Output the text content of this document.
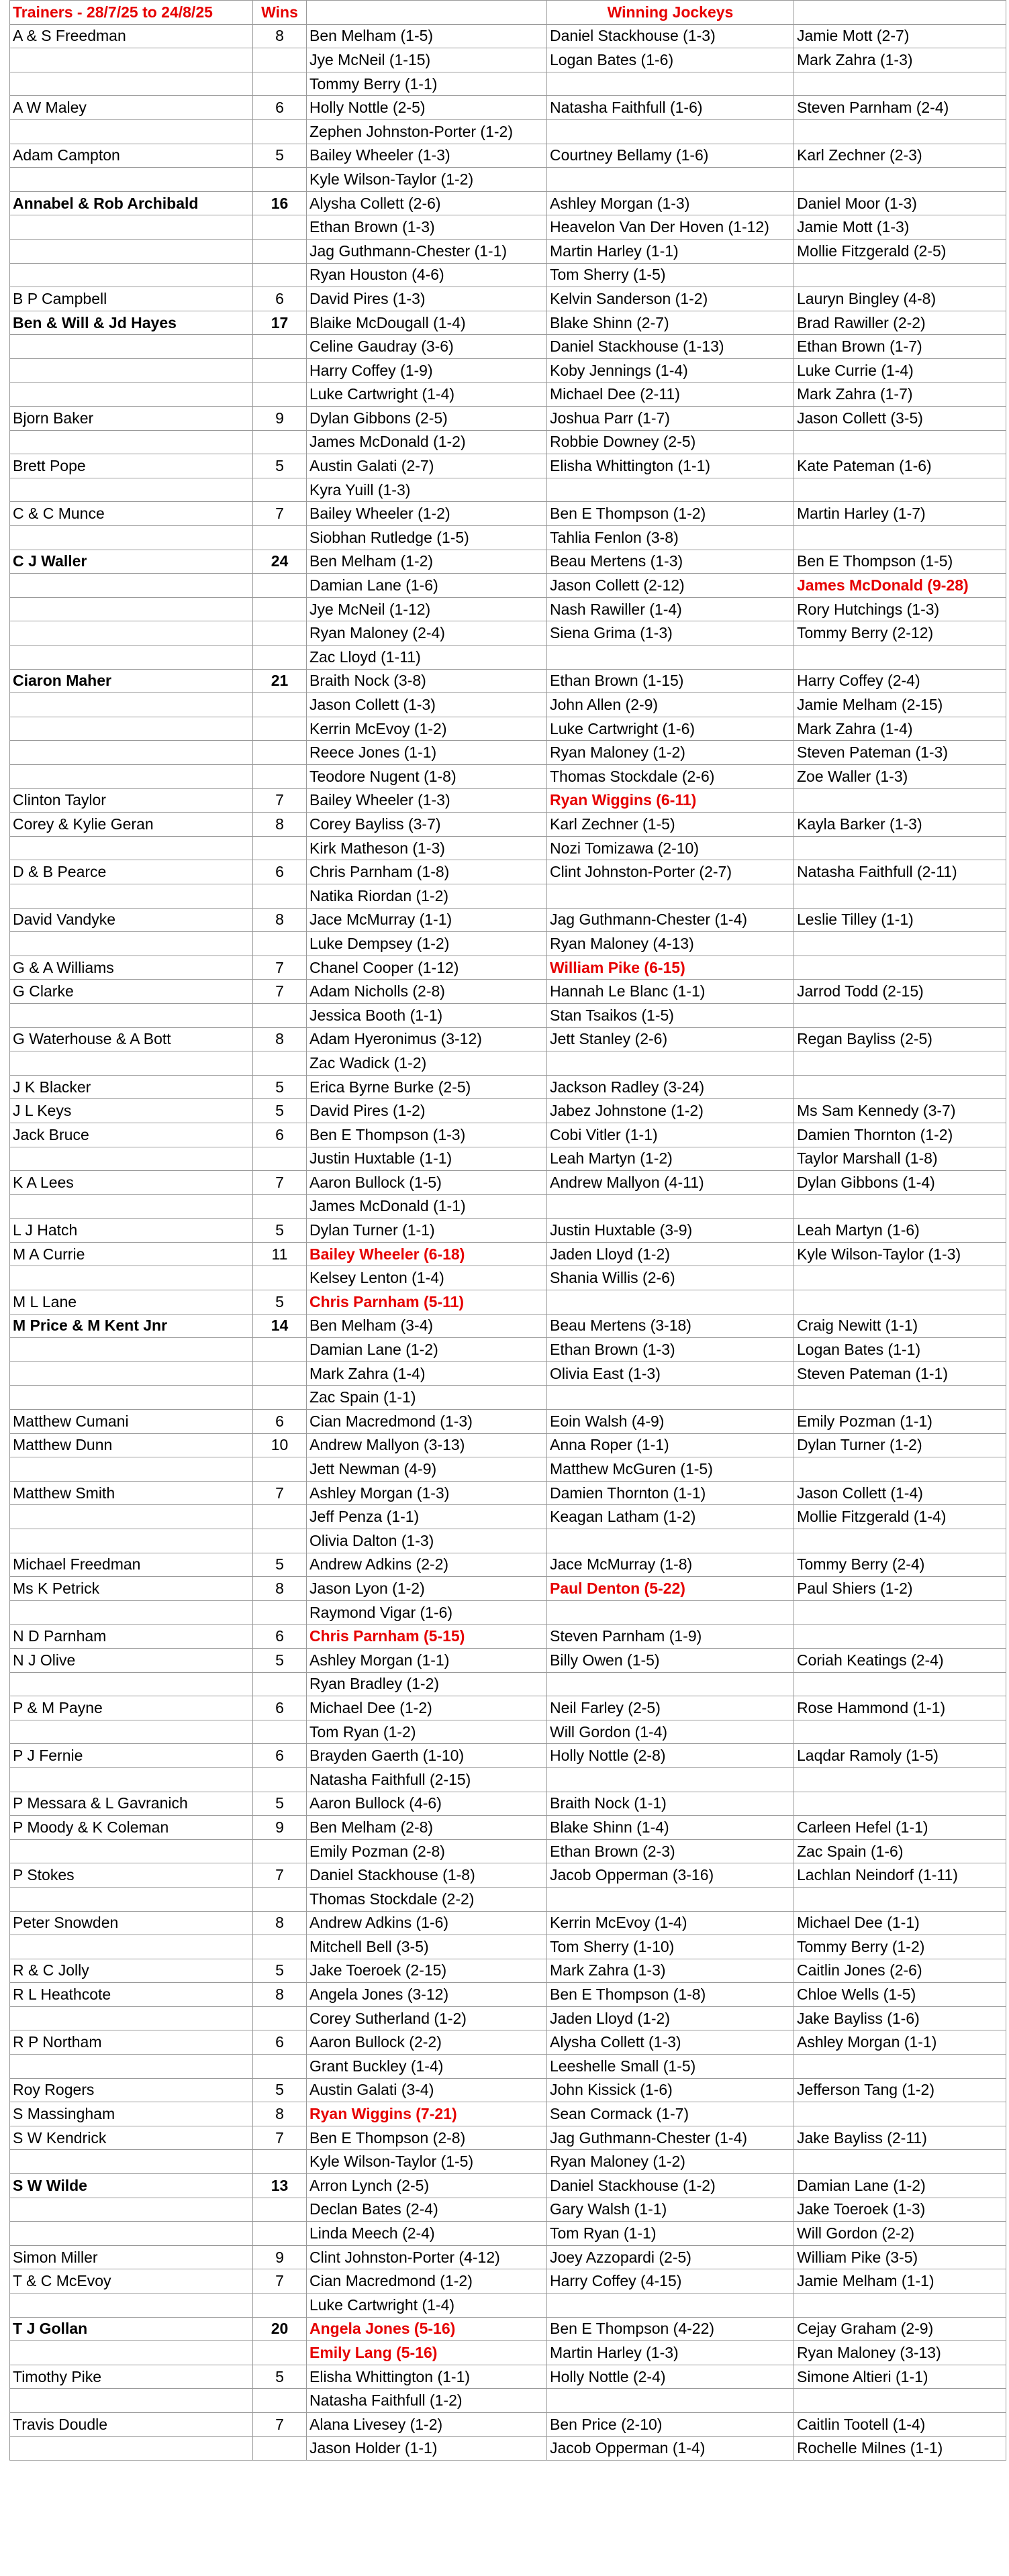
Trainers - 28/7/25 to 24/8/25	Wins		Winning Jockeys	
A & S Freedman	8	Ben Melham (1-5)	Daniel Stackhouse (1-3)	Jamie Mott (2-7)
		Jye McNeil (1-15)	Logan Bates (1-6)	Mark Zahra (1-3)
		Tommy Berry (1-1)		
A W Maley	6	Holly Nottle (2-5)	Natasha Faithfull (1-6)	Steven Parnham (2-4)
		Zephen Johnston-Porter (1-2)		
Adam Campton	5	Bailey Wheeler (1-3)	Courtney Bellamy (1-6)	Karl Zechner (2-3)
		Kyle Wilson-Taylor (1-2)		
Annabel & Rob Archibald	16	Alysha Collett (2-6)	Ashley Morgan (1-3)	Daniel Moor (1-3)
		Ethan Brown (1-3)	Heavelon Van Der Hoven (1-12)	Jamie Mott (1-3)
		Jag Guthmann-Chester (1-1)	Martin Harley (1-1)	Mollie Fitzgerald (2-5)
		Ryan Houston (4-6)	Tom Sherry (1-5)	
B P Campbell	6	David Pires (1-3)	Kelvin Sanderson (1-2)	Lauryn Bingley (4-8)
Ben & Will & Jd Hayes	17	Blaike McDougall (1-4)	Blake Shinn (2-7)	Brad Rawiller (2-2)
		Celine Gaudray (3-6)	Daniel Stackhouse (1-13)	Ethan Brown (1-7)
		Harry Coffey (1-9)	Koby Jennings (1-4)	Luke Currie (1-4)
		Luke Cartwright (1-4)	Michael Dee (2-11)	Mark Zahra (1-7)
Bjorn Baker	9	Dylan Gibbons (2-5)	Joshua Parr (1-7)	Jason Collett (3-5)
		James McDonald (1-2)	Robbie Downey (2-5)	
Brett Pope	5	Austin Galati (2-7)	Elisha Whittington (1-1)	Kate Pateman (1-6)
		Kyra Yuill (1-3)		
C & C Munce	7	Bailey Wheeler (1-2)	Ben E Thompson (1-2)	Martin Harley (1-7)
		Siobhan Rutledge (1-5)	Tahlia Fenlon (3-8)	
C J Waller	24	Ben Melham (1-2)	Beau Mertens (1-3)	Ben E Thompson (1-5)
		Damian Lane (1-6)	Jason Collett (2-12)	James McDonald (9-28)
		Jye McNeil (1-12)	Nash Rawiller (1-4)	Rory Hutchings (1-3)
		Ryan Maloney (2-4)	Siena Grima (1-3)	Tommy Berry (2-12)
		Zac Lloyd (1-11)		
Ciaron Maher	21	Braith Nock (3-8)	Ethan Brown (1-15)	Harry Coffey (2-4)
		Jason Collett (1-3)	John Allen (2-9)	Jamie Melham (2-15)
		Kerrin McEvoy (1-2)	Luke Cartwright (1-6)	Mark Zahra (1-4)
		Reece Jones (1-1)	Ryan Maloney (1-2)	Steven Pateman (1-3)
		Teodore Nugent (1-8)	Thomas Stockdale (2-6)	Zoe Waller (1-3)
Clinton Taylor	7	Bailey Wheeler (1-3)	Ryan Wiggins (6-11)	
Corey & Kylie Geran	8	Corey Bayliss (3-7)	Karl Zechner (1-5)	Kayla Barker (1-3)
		Kirk Matheson (1-3)	Nozi Tomizawa (2-10)	
D & B Pearce	6	Chris Parnham (1-8)	Clint Johnston-Porter (2-7)	Natasha Faithfull (2-11)
		Natika Riordan (1-2)		
David Vandyke	8	Jace McMurray (1-1)	Jag Guthmann-Chester (1-4)	Leslie Tilley (1-1)
		Luke Dempsey (1-2)	Ryan Maloney (4-13)	
G & A Williams	7	Chanel Cooper (1-12)	William Pike (6-15)	
G Clarke	7	Adam Nicholls (2-8)	Hannah Le Blanc (1-1)	Jarrod Todd (2-15)
		Jessica Booth (1-1)	Stan Tsaikos (1-5)	
G Waterhouse & A Bott	8	Adam Hyeronimus (3-12)	Jett Stanley (2-6)	Regan Bayliss (2-5)
		Zac Wadick (1-2)		
J K Blacker	5	Erica Byrne Burke (2-5)	Jackson Radley (3-24)	
J L Keys	5	David Pires (1-2)	Jabez Johnstone (1-2)	Ms Sam Kennedy (3-7)
Jack Bruce	6	Ben E Thompson (1-3)	Cobi Vitler (1-1)	Damien Thornton (1-2)
		Justin Huxtable (1-1)	Leah Martyn (1-2)	Taylor Marshall (1-8)
K A Lees	7	Aaron Bullock (1-5)	Andrew Mallyon (4-11)	Dylan Gibbons (1-4)
		James McDonald (1-1)		
L J Hatch	5	Dylan Turner (1-1)	Justin Huxtable (3-9)	Leah Martyn (1-6)
M A Currie	11	Bailey Wheeler (6-18)	Jaden Lloyd (1-2)	Kyle Wilson-Taylor (1-3)
		Kelsey Lenton (1-4)	Shania Willis (2-6)	
M L Lane	5	Chris Parnham (5-11)		
M Price & M Kent Jnr	14	Ben Melham (3-4)	Beau Mertens (3-18)	Craig Newitt (1-1)
		Damian Lane (1-2)	Ethan Brown (1-3)	Logan Bates (1-1)
		Mark Zahra (1-4)	Olivia East (1-3)	Steven Pateman (1-1)
		Zac Spain (1-1)		
Matthew Cumani	6	Cian Macredmond (1-3)	Eoin Walsh (4-9)	Emily Pozman (1-1)
Matthew Dunn	10	Andrew Mallyon (3-13)	Anna Roper (1-1)	Dylan Turner (1-2)
		Jett Newman (4-9)	Matthew McGuren (1-5)	
Matthew Smith	7	Ashley Morgan (1-3)	Damien Thornton (1-1)	Jason Collett (1-4)
		Jeff Penza (1-1)	Keagan Latham (1-2)	Mollie Fitzgerald (1-4)
		Olivia Dalton (1-3)		
Michael Freedman	5	Andrew Adkins (2-2)	Jace McMurray (1-8)	Tommy Berry (2-4)
Ms K Petrick	8	Jason Lyon (1-2)	Paul Denton (5-22)	Paul Shiers (1-2)
		Raymond Vigar (1-6)		
N D Parnham	6	Chris Parnham (5-15)	Steven Parnham (1-9)	
N J Olive	5	Ashley Morgan (1-1)	Billy Owen (1-5)	Coriah Keatings (2-4)
		Ryan Bradley (1-2)		
P & M Payne	6	Michael Dee (1-2)	Neil Farley (2-5)	Rose Hammond (1-1)
		Tom Ryan (1-2)	Will Gordon (1-4)	
P J Fernie	6	Brayden Gaerth (1-10)	Holly Nottle (2-8)	Laqdar Ramoly (1-5)
		Natasha Faithfull (2-15)		
P Messara & L Gavranich	5	Aaron Bullock (4-6)	Braith Nock (1-1)	
P Moody & K Coleman	9	Ben Melham (2-8)	Blake Shinn (1-4)	Carleen Hefel (1-1)
		Emily Pozman (2-8)	Ethan Brown (2-3)	Zac Spain (1-6)
P Stokes	7	Daniel Stackhouse (1-8)	Jacob Opperman (3-16)	Lachlan Neindorf (1-11)
		Thomas Stockdale (2-2)		
Peter Snowden	8	Andrew Adkins (1-6)	Kerrin McEvoy (1-4)	Michael Dee (1-1)
		Mitchell Bell (3-5)	Tom Sherry (1-10)	Tommy Berry (1-2)
R & C Jolly	5	Jake Toeroek (2-15)	Mark Zahra (1-3)	Caitlin Jones (2-6)
R L Heathcote	8	Angela Jones (3-12)	Ben E Thompson (1-8)	Chloe Wells (1-5)
		Corey Sutherland (1-2)	Jaden Lloyd (1-2)	Jake Bayliss (1-6)
R P Northam	6	Aaron Bullock (2-2)	Alysha Collett (1-3)	Ashley Morgan (1-1)
		Grant Buckley (1-4)	Leeshelle Small (1-5)	
Roy Rogers	5	Austin Galati (3-4)	John Kissick (1-6)	Jefferson Tang (1-2)
S Massingham	8	Ryan Wiggins (7-21)	Sean Cormack (1-7)	
S W Kendrick	7	Ben E Thompson (2-8)	Jag Guthmann-Chester (1-4)	Jake Bayliss (2-11)
		Kyle Wilson-Taylor (1-5)	Ryan Maloney (1-2)	
S W Wilde	13	Arron Lynch (2-5)	Daniel Stackhouse (1-2)	Damian Lane (1-2)
		Declan Bates (2-4)	Gary Walsh (1-1)	Jake Toeroek (1-3)
		Linda Meech (2-4)	Tom Ryan (1-1)	Will Gordon (2-2)
Simon Miller	9	Clint Johnston-Porter (4-12)	Joey Azzopardi (2-5)	William Pike (3-5)
T & C McEvoy	7	Cian Macredmond (1-2)	Harry Coffey (4-15)	Jamie Melham (1-1)
		Luke Cartwright (1-4)		
T J Gollan	20	Angela Jones (5-16)	Ben E Thompson (4-22)	Cejay Graham (2-9)
		Emily Lang (5-16)	Martin Harley (1-3)	Ryan Maloney (3-13)
Timothy Pike	5	Elisha Whittington (1-1)	Holly Nottle (2-4)	Simone Altieri (1-1)
		Natasha Faithfull (1-2)		
Travis Doudle	7	Alana Livesey (1-2)	Ben Price (2-10)	Caitlin Tootell (1-4)
		Jason Holder (1-1)	Jacob Opperman (1-4)	Rochelle Milnes (1-1)
